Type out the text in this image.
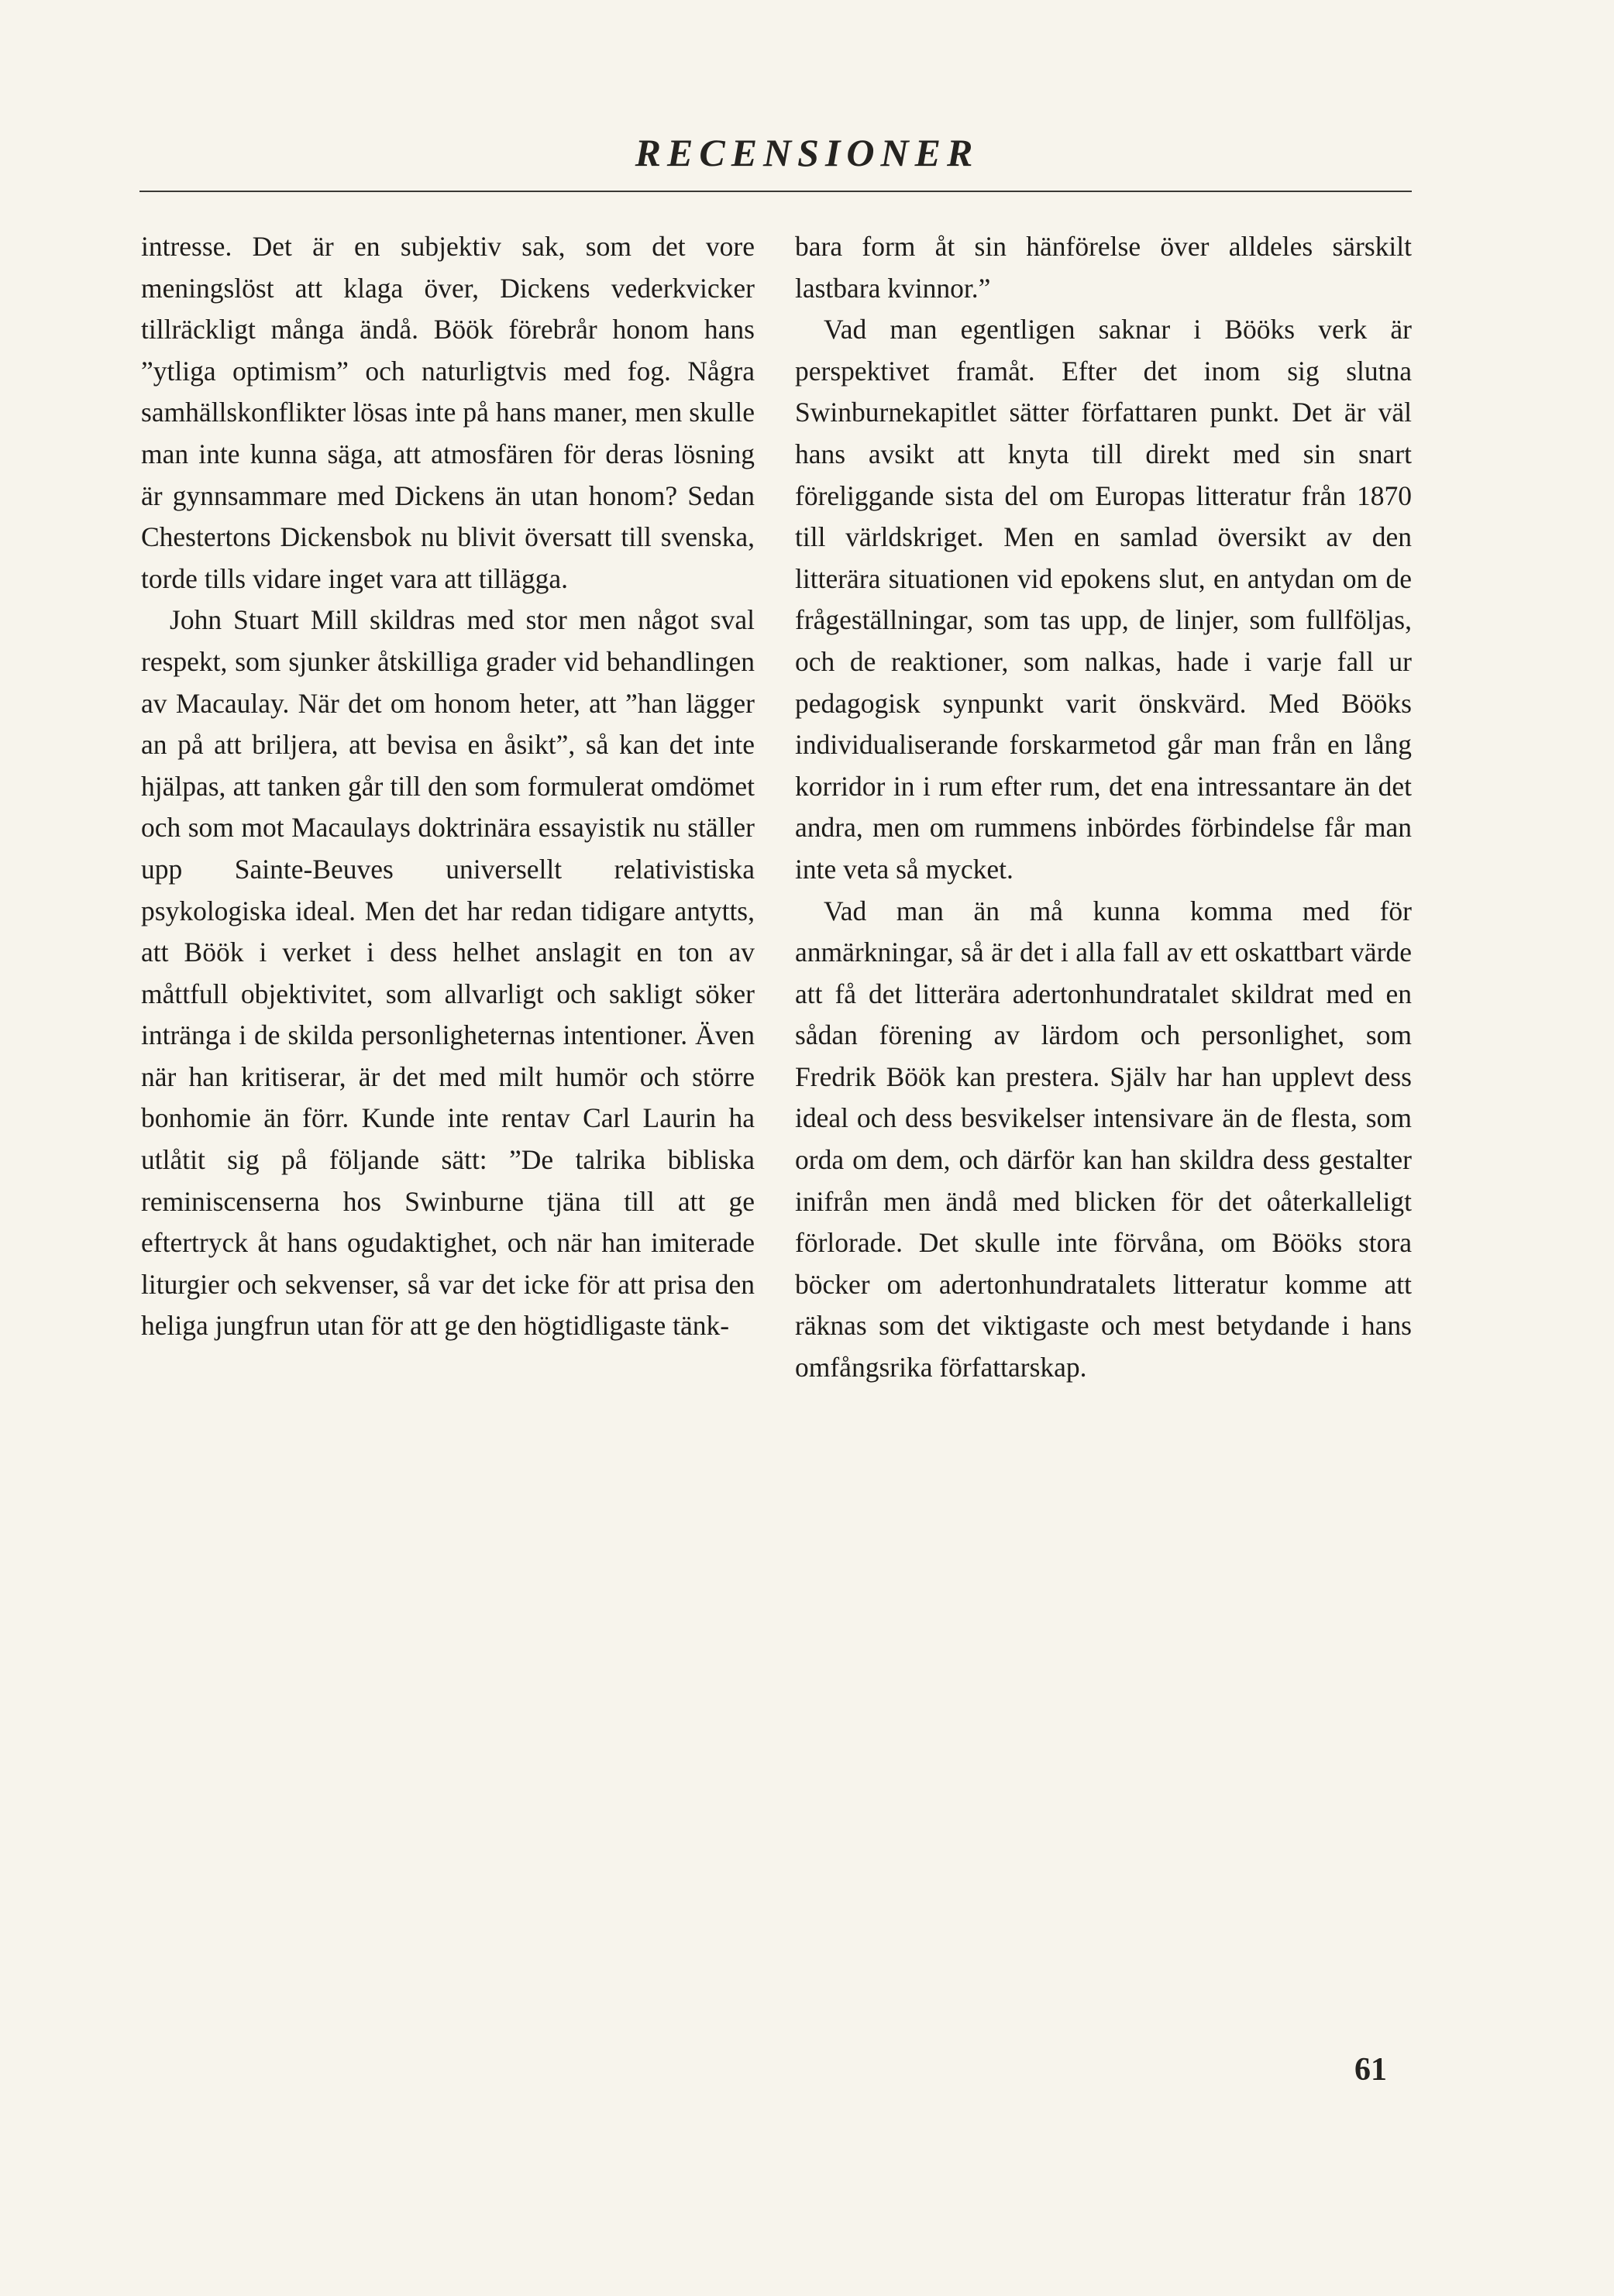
RECENSIONER

intresse. Det är en subjektiv sak, som det vore meningslöst att klaga över, Dickens vederkvicker tillräckligt många ändå. Böök förebrår honom hans ”ytliga optimism” och naturligtvis med fog. Några samhällskonflikter lösas inte på hans maner, men skulle man inte kunna säga, att atmosfären för deras lösning är gynnsammare med Dickens än utan honom? Sedan Chestertons Dickensbok nu blivit översatt till svenska, torde tills vidare inget vara att tillägga.

John Stuart Mill skildras med stor men något sval respekt, som sjunker åtskilliga grader vid behandlingen av Macaulay. När det om honom heter, att ”han lägger an på att briljera, att bevisa en åsikt”, så kan det inte hjälpas, att tanken går till den som formulerat omdömet och som mot Macaulays doktrinära essayistik nu ställer upp Sainte-Beuves universellt relativistiska psykologiska ideal. Men det har redan tidigare antytts, att Böök i verket i dess helhet anslagit en ton av måttfull objektivitet, som allvarligt och sakligt söker inträngа i de skilda personligheternas intentioner. Även när han kritiserar, är det med milt humör och större bonhomie än förr. Kunde inte rentav Carl Laurin ha utlåtit sig på följande sätt: ”De talrika bibliska reminiscenserna hos Swinburne tjäna till att ge eftertryck åt hans ogudaktighet, och när han imiterade liturgier och sekvenser, så var det icke för att prisa den heliga jungfrun utan för att ge den högtidligaste tänk-

bara form åt sin hänförelse över alldeles särskilt lastbara kvinnor.”

Vad man egentligen saknar i Bööks verk är perspektivet framåt. Efter det inom sig slutna Swinburnekapitlet sätter författaren punkt. Det är väl hans avsikt att knyta till direkt med sin snart föreliggande sista del om Europas litteratur från 1870 till världskriget. Men en samlad översikt av den litterära situationen vid epokens slut, en antydan om de frågeställningar, som tas upp, de linjer, som fullföljas, och de reaktioner, som nalkas, hade i varje fall ur pedagogisk synpunkt varit önskvärd. Med Bööks individualiserande forskarmetod går man från en lång korridor in i rum efter rum, det ena intressantare än det andra, men om rummens inbördes förbindelse får man inte veta så mycket.

Vad man än må kunna komma med för anmärkningar, så är det i alla fall av ett oskattbart värde att få det litterära adertonhundratalet skildrat med en sådan förening av lärdom och personlighet, som Fredrik Böök kan prestera. Själv har han upplevt dess ideal och dess besvikelser intensivare än de flesta, som orda om dem, och därför kan han skildra dess gestalter inifrån men ändå med blicken för det oåterkalleligt förlorade. Det skulle inte förvåna, om Bööks stora böcker om adertonhundratalets litteratur komme att räknas som det viktigaste och mest betydande i hans omfångsrika författarskap.

61
